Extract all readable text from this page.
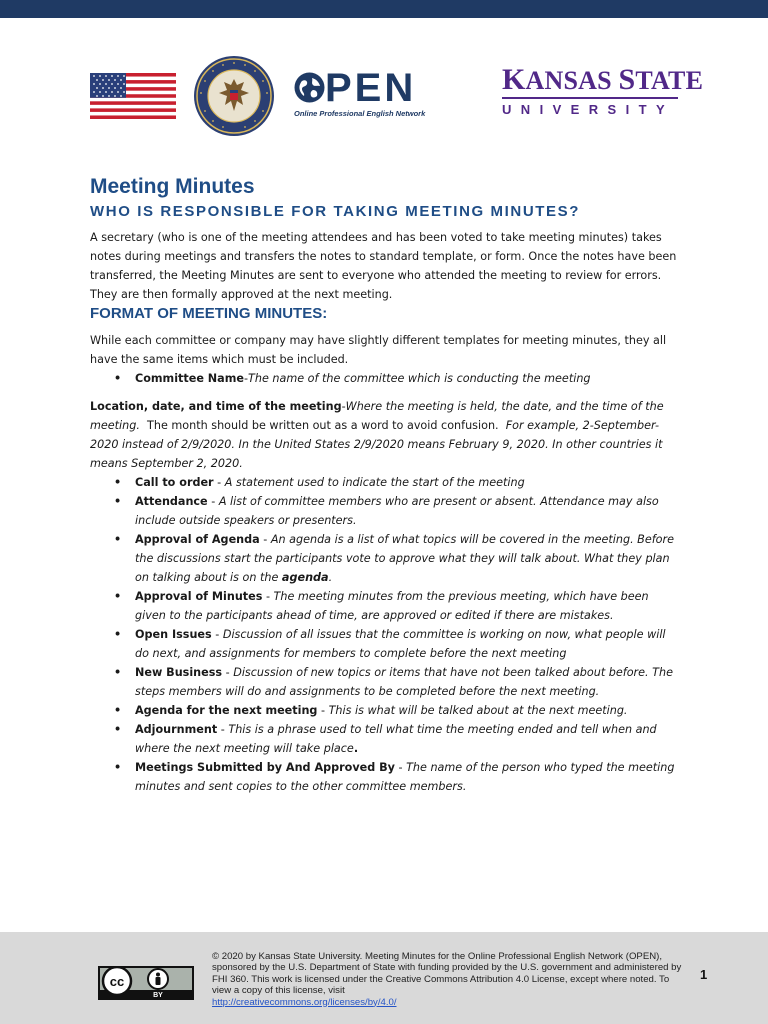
PEN
Online Professional English Network
KANSAS STATE
UNIVERSITY
Meeting Minutes
WHO IS RESPONSIBLE FOR TAKING MEETING MINUTES?

A secretary (who is one of the meeting attendees and has been voted to take meeting minutes) takes notes during meetings and transfers the notes to standard template, or form. Once the notes have been transferred, the Meeting Minutes are sent to everyone who attended the meeting to review for errors. They are then formally approved at the next meeting.

FORMAT OF MEETING MINUTES:

While each committee or company may have slightly different templates for meeting minutes, they all have the same items which must be included.

• Committee Name-The name of the committee which is conducting the meeting

Location, date, and time of the meeting-Where the meeting is held, the date, and the time of the meeting.  The month should be written out as a word to avoid confusion.  For example, 2-September-2020 instead of 2/9/2020. In the United States 2/9/2020 means February 9, 2020. In other countries it means September 2, 2020.

• Call to order - A statement used to indicate the start of the meeting
• Attendance - A list of committee members who are present or absent. Attendance may also include outside speakers or presenters.
• Approval of Agenda - An agenda is a list of what topics will be covered in the meeting. Before the discussions start the participants vote to approve what they will talk about. What they plan on talking about is on the agenda.
• Approval of Minutes - The meeting minutes from the previous meeting, which have been given to the participants ahead of time, are approved or edited if there are mistakes.
• Open Issues - Discussion of all issues that the committee is working on now, what people will do next, and assignments for members to complete before the next meeting
• New Business - Discussion of new topics or items that have not been talked about before. The steps members will do and assignments to be completed before the next meeting.
• Agenda for the next meeting - This is what will be talked about at the next meeting.
• Adjournment - This is a phrase used to tell what time the meeting ended and tell when and where the next meeting will take place.
• Meetings Submitted by And Approved By - The name of the person who typed the meeting minutes and sent copies to the other committee members.
cc
BY
© 2020 by Kansas State University. Meeting Minutes for the Online Professional English Network (OPEN), sponsored by the U.S. Department of State with funding provided by the U.S. government and administered by FHI 360. This work is licensed under the Creative Commons Attribution 4.0 License, except where noted. To view a copy of this license, visit
http://creativecommons.org/licenses/by/4.0/
1
